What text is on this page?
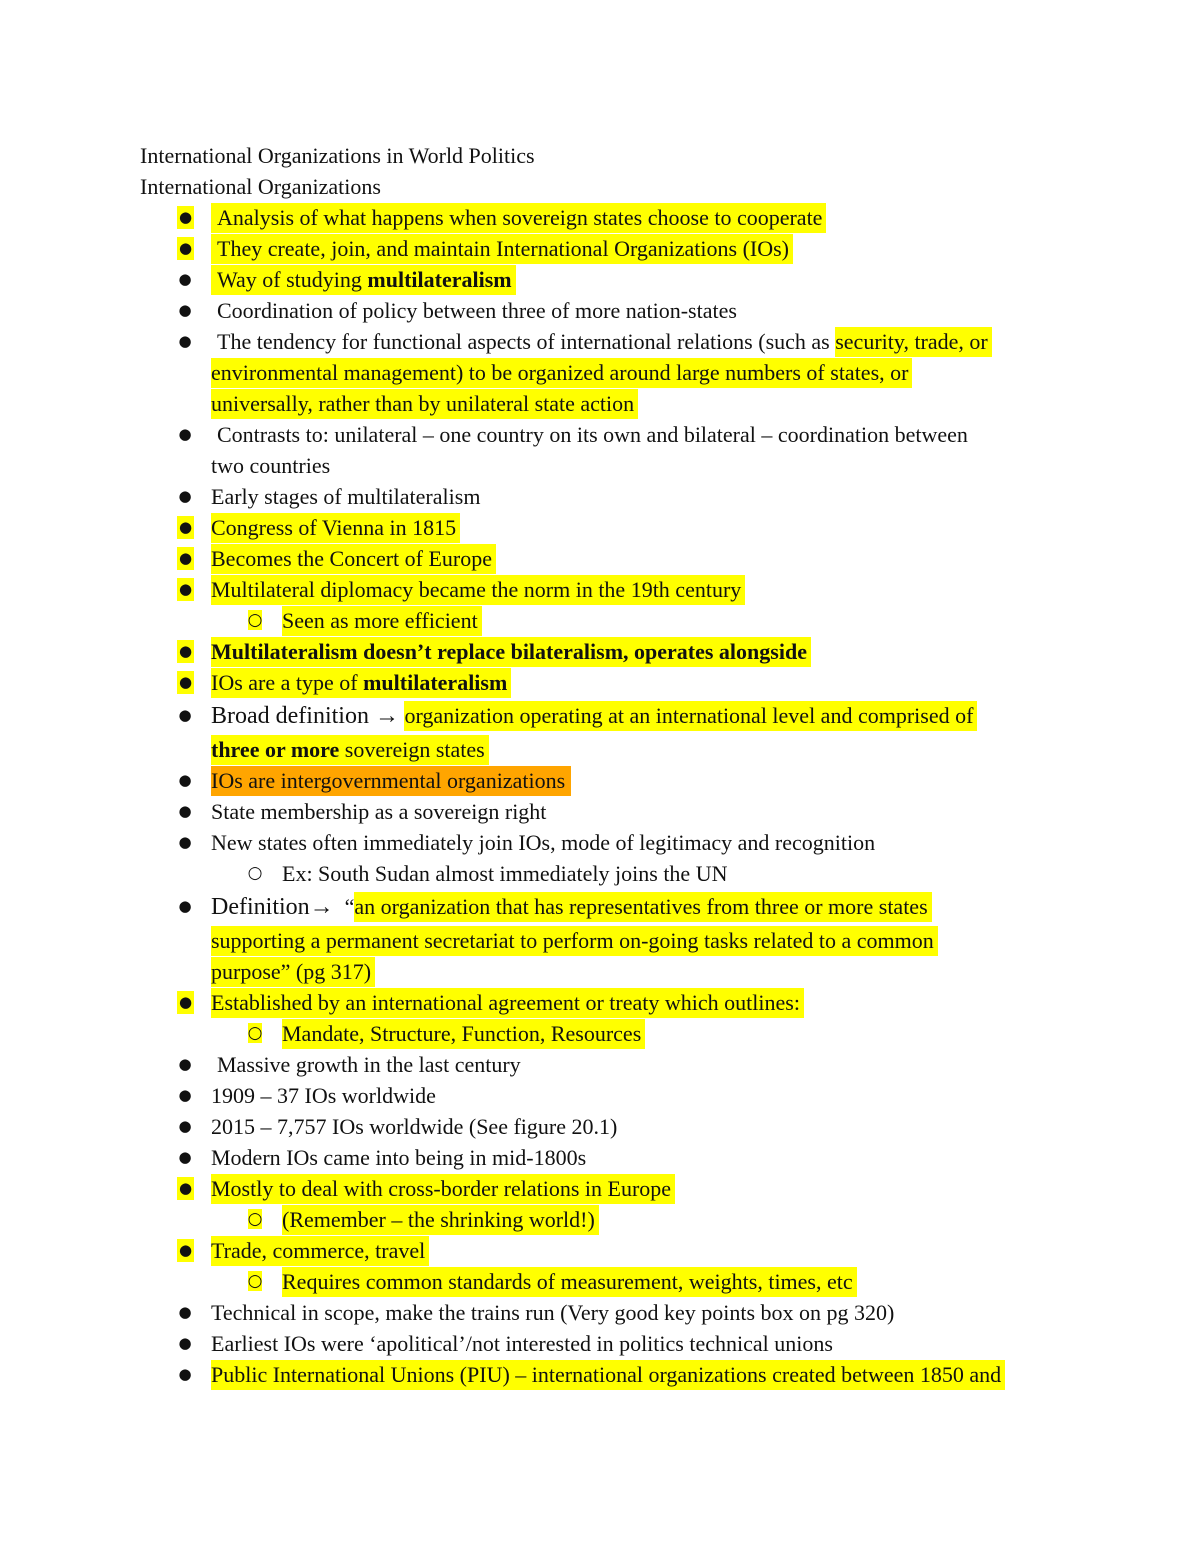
International Organizations in World Politics
International Organizations
● Analysis of what happens when sovereign states choose to cooperate
● They create, join, and maintain International Organizations (IOs)
● Way of studying multilateralism
● Coordination of policy between three of more nation-states
● The tendency for functional aspects of international relations (such as security, trade, or
environmental management) to be organized around large numbers of states, or
universally, rather than by unilateral state action
● Contrasts to: unilateral – one country on its own and bilateral – coordination between
two countries
● Early stages of multilateralism
● Congress of Vienna in 1815
● Becomes the Concert of Europe
● Multilateral diplomacy became the norm in the 19th century
○ Seen as more efficient
● Multilateralism doesn’t replace bilateralism, operates alongside
● IOs are a type of multilateralism
● Broad definition → organization operating at an international level and comprised of
three or more sovereign states
● IOs are intergovernmental organizations
● State membership as a sovereign right
● New states often immediately join IOs, mode of legitimacy and recognition
○ Ex: South Sudan almost immediately joins the UN
● Definition→ “an organization that has representatives from three or more states
supporting a permanent secretariat to perform on-going tasks related to a common
purpose” (pg 317)
● Established by an international agreement or treaty which outlines:
○ Mandate, Structure, Function, Resources
● Massive growth in the last century
● 1909 – 37 IOs worldwide
● 2015 – 7,757 IOs worldwide (See figure 20.1)
● Modern IOs came into being in mid-1800s
● Mostly to deal with cross-border relations in Europe
○ (Remember – the shrinking world!)
● Trade, commerce, travel
○ Requires common standards of measurement, weights, times, etc
● Technical in scope, make the trains run (Very good key points box on pg 320)
● Earliest IOs were ‘apolitical’/not interested in politics technical unions
● Public International Unions (PIU) – international organizations created between 1850 and
